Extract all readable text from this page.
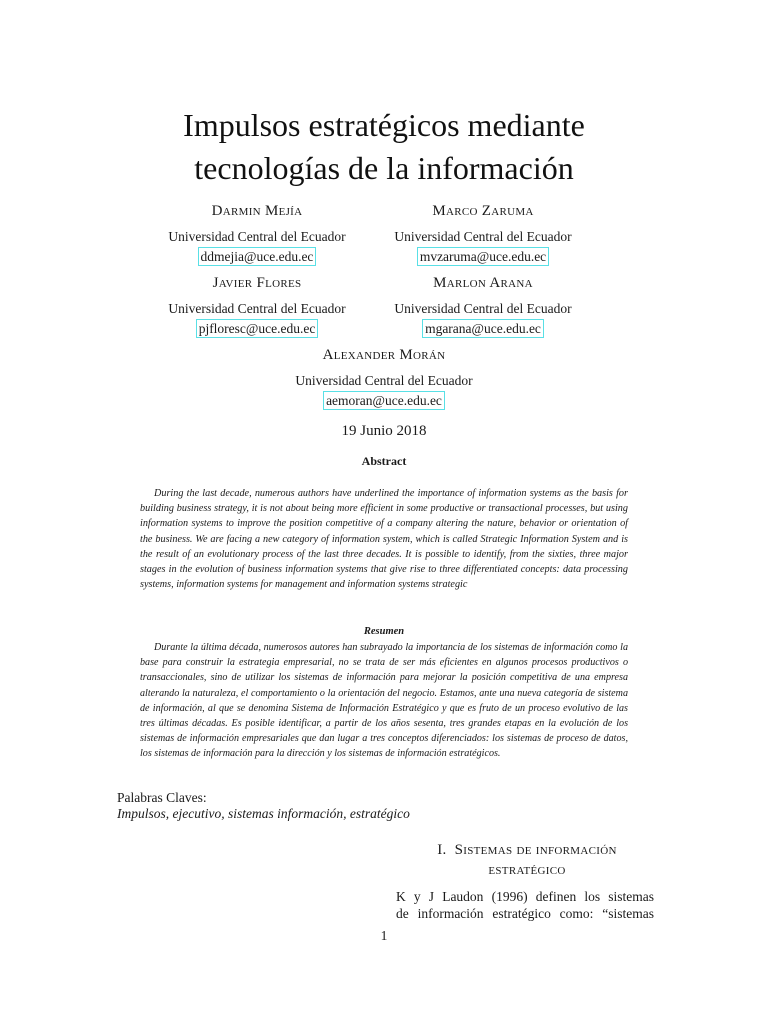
Impulsos estratégicos mediante
tecnologías de la información
Darmin Mejía
Universidad Central del Ecuador
ddmejia@uce.edu.ec
Marco Zaruma
Universidad Central del Ecuador
mvzaruma@uce.edu.ec
Javier Flores
Universidad Central del Ecuador
pjfloresc@uce.edu.ec
Marlon Arana
Universidad Central del Ecuador
mgarana@uce.edu.ec
Alexander Morán
Universidad Central del Ecuador
aemoran@uce.edu.ec
19 Junio 2018
Abstract
During the last decade, numerous authors have underlined the importance of information systems as the basis for building business strategy, it is not about being more efficient in some productive or transactional processes, but using information systems to improve the position competitive of a company altering the nature, behavior or orientation of the business. We are facing a new category of information system, which is called Strategic Information System and is the result of an evolutionary process of the last three decades. It is possible to identify, from the sixties, three major stages in the evolution of business information systems that give rise to three differentiated concepts: data processing systems, information systems for management and information systems strategic
Resumen
Durante la última década, numerosos autores han subrayado la importancia de los sistemas de información como la base para construir la estrategia empresarial, no se trata de ser más eficientes en algunos procesos productivos o transaccionales, sino de utilizar los sistemas de información para mejorar la posición competitiva de una empresa alterando la naturaleza, el comportamiento o la orientación del negocio. Estamos, ante una nueva categoría de sistema de información, al que se denomina Sistema de Información Estratégico y que es fruto de un proceso evolutivo de las tres últimas décadas. Es posible identificar, a partir de los años sesenta, tres grandes etapas en la evolución de los sistemas de información empresariales que dan lugar a tres conceptos diferenciados: los sistemas de proceso de datos, los sistemas de información para la dirección y los sistemas de información estratégicos.
Palabras Claves:
Impulsos, ejecutivo, sistemas información, estratégico
I. Sistemas de información
estratégico
K y J Laudon (1996) definen los sistemas
de información estratégico como: “sistemas
1
